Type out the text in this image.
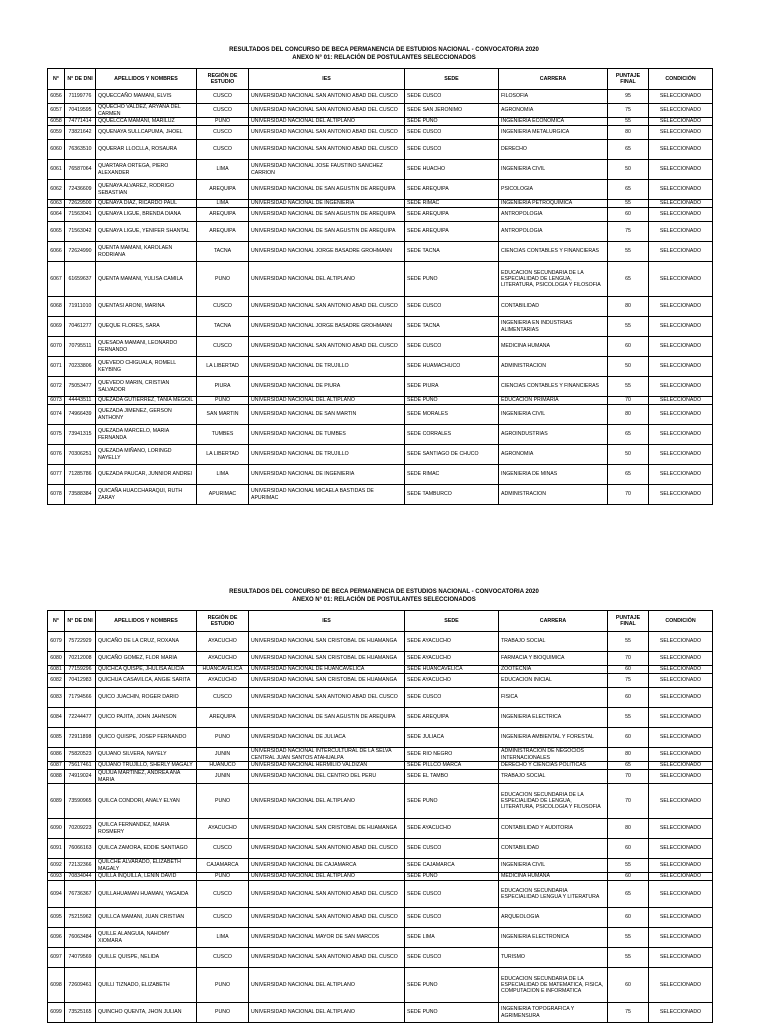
RESULTADOS DEL CONCURSO DE BECA PERMANENCIA DE ESTUDIOS NACIONAL - CONVOCATORIA 2020
ANEXO N° 01: RELACIÓN DE POSTULANTES SELECCIONADOS
N°	N° DE DNI	APELLIDOS Y NOMBRES	REGIÓN DE ESTUDIO	IES	SEDE	CARRERA	PUNTAJE FINAL	CONDICIÓN
6056	71199776	QQUECCAÑO MAMANI, ELVIS	CUSCO	UNIVERSIDAD NACIONAL SAN ANTONIO ABAD DEL CUSCO	SEDE CUSCO	FILOSOFIA	95	SELECCIONADO
6057	70419595	QQUECHO VALDEZ, ARYANA DEL CARMEN	CUSCO	UNIVERSIDAD NACIONAL SAN ANTONIO ABAD DEL CUSCO	SEDE SAN JERONIMO	AGRONOMIA	75	SELECCIONADO
6058	74771414	QQUELCCA MAMANI, MARILUZ	PUNO	UNIVERSIDAD NACIONAL DEL ALTIPLANO	SEDE PUNO	INGENIERIA ECONOMICA	55	SELECCIONADO
6059	73821642	QQUENAYA SULLCAPUMA, JHOEL	CUSCO	UNIVERSIDAD NACIONAL SAN ANTONIO ABAD DEL CUSCO	SEDE CUSCO	INGENIERIA METALURGICA	80	SELECCIONADO
6060	76363510	QQUERAR LLOCLLA, ROSAURA	CUSCO	UNIVERSIDAD NACIONAL SAN ANTONIO ABAD DEL CUSCO	SEDE CUSCO	DERECHO	65	SELECCIONADO
6061	76587064	QUARTARA ORTEGA, PIERO ALEXANDER	LIMA	UNIVERSIDAD NACIONAL JOSE FAUSTINO SANCHEZ CARRION	SEDE HUACHO	INGENIERIA CIVIL	50	SELECCIONADO
6062	72436609	QUENAYA ALVAREZ, RODRIGO SEBASTIAN	AREQUIPA	UNIVERSIDAD NACIONAL DE SAN AGUSTIN DE AREQUIPA	SEDE AREQUIPA	PSICOLOGIA	65	SELECCIONADO
6063	72629500	QUENAYA DIAZ, RICARDO PAUL	LIMA	UNIVERSIDAD NACIONAL DE INGENIERIA	SEDE RIMAC	INGENIERIA PETROQUIMICA	55	SELECCIONADO
6064	71563041	QUENAYA LIGUE, BRENDA DIANA	AREQUIPA	UNIVERSIDAD NACIONAL DE SAN AGUSTIN DE AREQUIPA	SEDE AREQUIPA	ANTROPOLOGIA	60	SELECCIONADO
6065	71563042	QUENAYA LIGUE, YENIFER SHANTAL	AREQUIPA	UNIVERSIDAD NACIONAL DE SAN AGUSTIN DE AREQUIPA	SEDE AREQUIPA	ANTROPOLOGIA	75	SELECCIONADO
6066	72624990	QUENTA MAMANI, KAROLAEN RODRIANA	TACNA	UNIVERSIDAD NACIONAL JORGE BASADRE GROHMANN	SEDE TACNA	CIENCIAS CONTABLES Y FINANCIERAS	55	SELECCIONADO
6067	61659637	QUENTA MAMANI, YULISA CAMILA	PUNO	UNIVERSIDAD NACIONAL DEL ALTIPLANO	SEDE PUNO	EDUCACION SECUNDARIA DE LA ESPECIALIDAD DE LENGUA, LITERATURA, PSICOLOGIA Y FILOSOFIA	65	SELECCIONADO
6068	71911010	QUENTASI ARONI, MARINA	CUSCO	UNIVERSIDAD NACIONAL SAN ANTONIO ABAD DEL CUSCO	SEDE CUSCO	CONTABILIDAD	80	SELECCIONADO
6069	70461277	QUEQUE FLORES, SARA	TACNA	UNIVERSIDAD NACIONAL JORGE BASADRE GROHMANN	SEDE TACNA	INGENIERIA EN INDUSTRIAS ALIMENTARIAS	55	SELECCIONADO
6070	70795511	QUESADA MAMANI, LEONARDO FERNANDO	CUSCO	UNIVERSIDAD NACIONAL SAN ANTONIO ABAD DEL CUSCO	SEDE CUSCO	MEDICINA HUMANA	60	SELECCIONADO
6071	70233806	QUEVEDO CHIGUALA, ROMELL KEYBING	LA LIBERTAD	UNIVERSIDAD NACIONAL DE TRUJILLO	SEDE HUAMACHUCO	ADMINISTRACION	50	SELECCIONADO
6072	75053477	QUEVEDO MARIN, CRISTIAN SALVADOR	PIURA	UNIVERSIDAD NACIONAL DE PIURA	SEDE PIURA	CIENCIAS CONTABLES Y FINANCIERAS	55	SELECCIONADO
6073	44443511	QUEZADA GUTIERREZ, TANIA MEGOIL	PUNO	UNIVERSIDAD NACIONAL DEL ALTIPLANO	SEDE PUNO	EDUCACION PRIMARIA	70	SELECCIONADO
6074	74966439	QUEZADA JIMENEZ, GERSON ANTHONY	SAN MARTIN	UNIVERSIDAD NACIONAL DE SAN MARTIN	SEDE MORALES	INGENIERIA CIVIL	80	SELECCIONADO
6075	73941315	QUEZADA MARCELO, MARIA FERNANDA	TUMBES	UNIVERSIDAD NACIONAL DE TUMBES	SEDE CORRALES	AGROINDUSTRIAS	65	SELECCIONADO
6076	70306251	QUEZADA MIÑANO, LORINGD NAYELLY	LA LIBERTAD	UNIVERSIDAD NACIONAL DE TRUJILLO	SEDE SANTIAGO DE CHUCO	AGRONOMIA	50	SELECCIONADO
6077	71285786	QUEZADA PAUCAR, JUNNIOR ANDREI	LIMA	UNIVERSIDAD NACIONAL DE INGENIERIA	SEDE RIMAC	INGENIERIA DE MINAS	65	SELECCIONADO
6078	73588384	QUICAÑA HUACCHARAQUI, RUTH ZARAY	APURIMAC	UNIVERSIDAD NACIONAL MICAELA BASTIDAS DE APURIMAC	SEDE TAMBURCO	ADMINISTRACION	70	SELECCIONADO
RESULTADOS DEL CONCURSO DE BECA PERMANENCIA DE ESTUDIOS NACIONAL - CONVOCATORIA 2020
ANEXO N° 01: RELACIÓN DE POSTULANTES SELECCIONADOS
N°	N° DE DNI	APELLIDOS Y NOMBRES	REGIÓN DE ESTUDIO	IES	SEDE	CARRERA	PUNTAJE FINAL	CONDICIÓN
6079	75722929	QUICAÑO DE LA CRUZ, ROXANA	AYACUCHO	UNIVERSIDAD NACIONAL SAN CRISTOBAL DE HUAMANGA	SEDE AYACUCHO	TRABAJO SOCIAL	55	SELECCIONADO
6080	70212008	QUICAÑO GOMEZ, FLOR MARIA	AYACUCHO	UNIVERSIDAD NACIONAL SAN CRISTOBAL DE HUAMANGA	SEDE AYACUCHO	FARMACIA Y BIOQUIMICA	70	SELECCIONADO
6081	77159296	QUICHCA QUISPE, JHULISA ALICIA	HUANCAVELICA	UNIVERSIDAD NACIONAL DE HUANCAVELICA	SEDE HUANCAVELICA	ZOOTECNIA	60	SELECCIONADO
6082	70412983	QUICHUA CASAVILCA, ANGIE SARITA	AYACUCHO	UNIVERSIDAD NACIONAL SAN CRISTOBAL DE HUAMANGA	SEDE AYACUCHO	EDUCACION INICIAL	75	SELECCIONADO
6083	71794566	QUICO JUACHIN, ROGER DARIO	CUSCO	UNIVERSIDAD NACIONAL SAN ANTONIO ABAD DEL CUSCO	SEDE CUSCO	FISICA	60	SELECCIONADO
6084	72244477	QUICO PAJITA, JOHN JAHNSON	AREQUIPA	UNIVERSIDAD NACIONAL DE SAN AGUSTIN DE AREQUIPA	SEDE AREQUIPA	INGENIERIA ELECTRICA	55	SELECCIONADO
6085	72911898	QUICO QUISPE, JOSEP FERNANDO	PUNO	UNIVERSIDAD NACIONAL DE JULIACA	SEDE JULIACA	INGENIERIA AMBIENTAL Y FORESTAL	60	SELECCIONADO
6086	75820523	QUIJANO SILVERA, NAYELY	JUNIN	UNIVERSIDAD NACIONAL INTERCULTURAL DE LA SELVA CENTRAL JUAN SANTOS ATAHUALPA	SEDE RIO NEGRO	ADMINISTRACION DE NEGOCIOS INTERNACIONALES	80	SELECCIONADO
6087	75617461	QUIJANO TRUJILLO, SHERLY MAGALY	HUANUCO	UNIVERSIDAD NACIONAL HERMILIO VALDIZAN	SEDE PILLCO MARCA	DERECHO Y CIENCIAS POLITICAS	65	SELECCIONADO
6088	74919024	QUIJUA MARTINEZ, ANDREA ANA MARIA	JUNIN	UNIVERSIDAD NACIONAL DEL CENTRO DEL PERU	SEDE EL TAMBO	TRABAJO SOCIAL	70	SELECCIONADO
6089	73590965	QUILCA CONDORI, ANALY ELYAN	PUNO	UNIVERSIDAD NACIONAL DEL ALTIPLANO	SEDE PUNO	EDUCACION SECUNDARIA DE LA ESPECIALIDAD DE LENGUA, LITERATURA, PSICOLOGIA Y FILOSOFIA	70	SELECCIONADO
6090	70209223	QUILCA FERNANDEZ, MARIA ROSMERY	AYACUCHO	UNIVERSIDAD NACIONAL SAN CRISTOBAL DE HUAMANGA	SEDE AYACUCHO	CONTABILIDAD Y AUDITORIA	80	SELECCIONADO
6091	76066163	QUILCA ZAMORA, EDDIE SANTIAGO	CUSCO	UNIVERSIDAD NACIONAL SAN ANTONIO ABAD DEL CUSCO	SEDE CUSCO	CONTABILIDAD	60	SELECCIONADO
6092	72132366	QUILCHE ALVARADO, ELIZABETH MAGALY	CAJAMARCA	UNIVERSIDAD NACIONAL DE CAJAMARCA	SEDE CAJAMARCA	INGENIERIA CIVIL	55	SELECCIONADO
6093	70834044	QUILLA INQUILLA, LENIN DAVID	PUNO	UNIVERSIDAD NACIONAL DEL ALTIPLANO	SEDE PUNO	MEDICINA HUMANA	60	SELECCIONADO
6094	76736367	QUILLAHUAMAN HUAMAN, YAGAIDA	CUSCO	UNIVERSIDAD NACIONAL SAN ANTONIO ABAD DEL CUSCO	SEDE CUSCO	EDUCACION SECUNDARIA ESPECIALIDAD LENGUA Y LITERATURA	65	SELECCIONADO
6095	75215962	QUILLCA MAMANI, JUAN CRISTIAN	CUSCO	UNIVERSIDAD NACIONAL SAN ANTONIO ABAD DEL CUSCO	SEDE CUSCO	ARQUEOLOGIA	60	SELECCIONADO
6096	76063484	QUILLE ALANGUIA, NAHOMY XIOMARA	LIMA	UNIVERSIDAD NACIONAL MAYOR DE SAN MARCOS	SEDE LIMA	INGENIERIA ELECTRONICA	55	SELECCIONADO
6097	74079569	QUILLE QUISPE, NELIDA	CUSCO	UNIVERSIDAD NACIONAL SAN ANTONIO ABAD DEL CUSCO	SEDE CUSCO	TURISMO	55	SELECCIONADO
6098	72609461	QUILLI TIZNADO, ELIZABETH	PUNO	UNIVERSIDAD NACIONAL DEL ALTIPLANO	SEDE PUNO	EDUCACION SECUNDARIA DE LA ESPECIALIDAD DE MATEMATICA, FISICA, COMPUTACION E INFORMATICA	60	SELECCIONADO
6099	73525165	QUINCHO QUENTA, JHON JULIAN	PUNO	UNIVERSIDAD NACIONAL DEL ALTIPLANO	SEDE PUNO	INGENIERIA TOPOGRAFICA Y AGRIMENSURA	75	SELECCIONADO
